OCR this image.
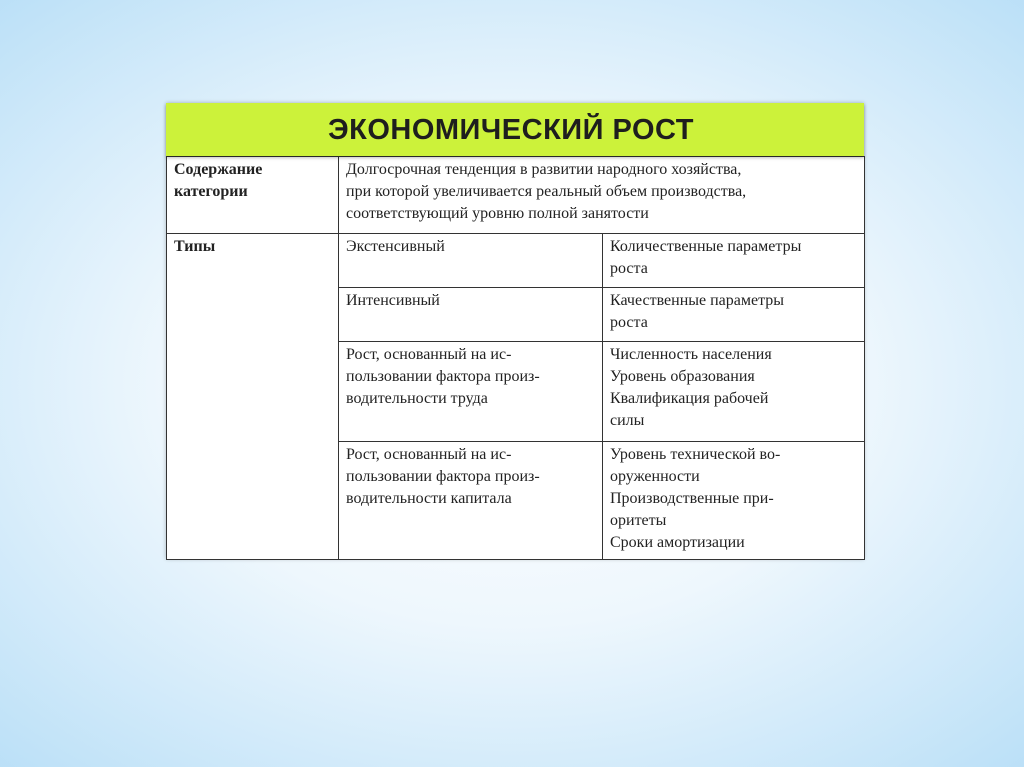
ЭКОНОМИЧЕСКИЙ РОСТ
Содержание
категории	Долгосрочная тенденция в развитии народного хозяйства,
при которой увеличивается реальный объем производства,
соответствующий уровню полной занятости	

Типы	Экстенсивный	Количественные параметры
роста

	Интенсивный	Качественные параметры
роста

	Рост, основанный на ис-
пользовании фактора произ-
водительности труда	Численность населения
Уровень образования
Квалификация рабочей
силы

	Рост, основанный на ис-
пользовании фактора произ-
водительности капитала	Уровень технической во-
оруженности
Производственные при-
оритеты
Сроки амортизации
